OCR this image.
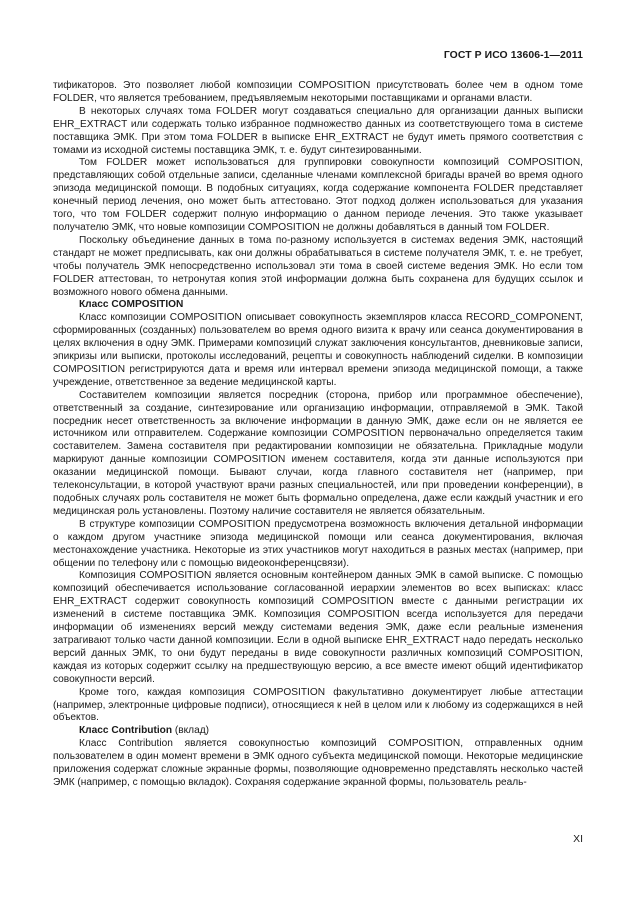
ГОСТ Р ИСО 13606-1—2011

тификаторов. Это позволяет любой композиции COMPOSITION присутствовать более чем в одном томе FOLDER, что является требованием, предъявляемым некоторыми поставщиками и органами власти.

В некоторых случаях тома FOLDER могут создаваться специально для организации данных выписки EHR_EXTRACT или содержать только избранное подмножество данных из соответствующего тома в системе поставщика ЭМК. При этом тома FOLDER в выписке EHR_EXTRACT не будут иметь прямого соответствия с томами из исходной системы поставщика ЭМК, т. е. будут синтезированными.

Том FOLDER может использоваться для группировки совокупности композиций COMPOSITION, представляющих собой отдельные записи, сделанные членами комплексной бригады врачей во время одного эпизода медицинской помощи. В подобных ситуациях, когда содержание компонента FOLDER представляет конечный период лечения, оно может быть аттестовано. Этот подход должен использоваться для указания того, что том FOLDER содержит полную информацию о данном периоде лечения. Это также указывает получателю ЭМК, что новые композиции COMPOSITION не должны добавляться в данный том FOLDER.

Поскольку объединение данных в тома по-разному используется в системах ведения ЭМК, настоящий стандарт не может предписывать, как они должны обрабатываться в системе получателя ЭМК, т. е. не требует, чтобы получатель ЭМК непосредственно использовал эти тома в своей системе ведения ЭМК. Но если том FOLDER аттестован, то нетронутая копия этой информации должна быть сохранена для будущих ссылок и возможного нового обмена данными.

Класс COMPOSITION

Класс композиции COMPOSITION описывает совокупность экземпляров класса RECORD_COMPONENT, сформированных (созданных) пользователем во время одного визита к врачу или сеанса документирования в целях включения в одну ЭМК. Примерами композиций служат заключения консультантов, дневниковые записи, эпикризы или выписки, протоколы исследований, рецепты и совокупность наблюдений сиделки. В композиции COMPOSITION регистрируются дата и время или интервал времени эпизода медицинской помощи, а также учреждение, ответственное за ведение медицинской карты.

Составителем композиции является посредник (сторона, прибор или программное обеспечение), ответственный за создание, синтезирование или организацию информации, отправляемой в ЭМК. Такой посредник несет ответственность за включение информации в данную ЭМК, даже если он не является ее источником или отправителем. Содержание композиции COMPOSITION первоначально определяется таким составителем. Замена составителя при редактировании композиции не обязательна. Прикладные модули маркируют данные композиции COMPOSITION именем составителя, когда эти данные используются при оказании медицинской помощи. Бывают случаи, когда главного составителя нет (например, при телеконсультации, в которой участвуют врачи разных специальностей, или при проведении конференции), в подобных случаях роль составителя не может быть формально определена, даже если каждый участник и его медицинская роль установлены. Поэтому наличие составителя не является обязательным.

В структуре композиции COMPOSITION предусмотрена возможность включения детальной информации о каждом другом участнике эпизода медицинской помощи или сеанса документирования, включая местонахождение участника. Некоторые из этих участников могут находиться в разных местах (например, при общении по телефону или с помощью видеоконференцсвязи).

Композиция COMPOSITION является основным контейнером данных ЭМК в самой выписке. С помощью композиций обеспечивается использование согласованной иерархии элементов во всех выписках: класс EHR_EXTRACT содержит совокупность композиций COMPOSITION вместе с данными регистрации их изменений в системе поставщика ЭМК. Композиция COMPOSITION всегда используется для передачи информации об изменениях версий между системами ведения ЭМК, даже если реальные изменения затрагивают только части данной композиции. Если в одной выписке EHR_EXTRACT надо передать несколько версий данных ЭМК, то они будут переданы в виде совокупности различных композиций COMPOSITION, каждая из которых содержит ссылку на предшествующую версию, а все вместе имеют общий идентификатор совокупности версий.

Кроме того, каждая композиция COMPOSITION факультативно документирует любые аттестации (например, электронные цифровые подписи), относящиеся к ней в целом или к любому из содержащихся в ней объектов.

Класс Contribution (вклад)

Класс Contribution является совокупностью композиций COMPOSITION, отправленных одним пользователем в один момент времени в ЭМК одного субъекта медицинской помощи. Некоторые медицинские приложения содержат сложные экранные формы, позволяющие одновременно представлять несколько частей ЭМК (например, с помощью вкладок). Сохраняя содержание экранной формы, пользователь реаль-

XI
